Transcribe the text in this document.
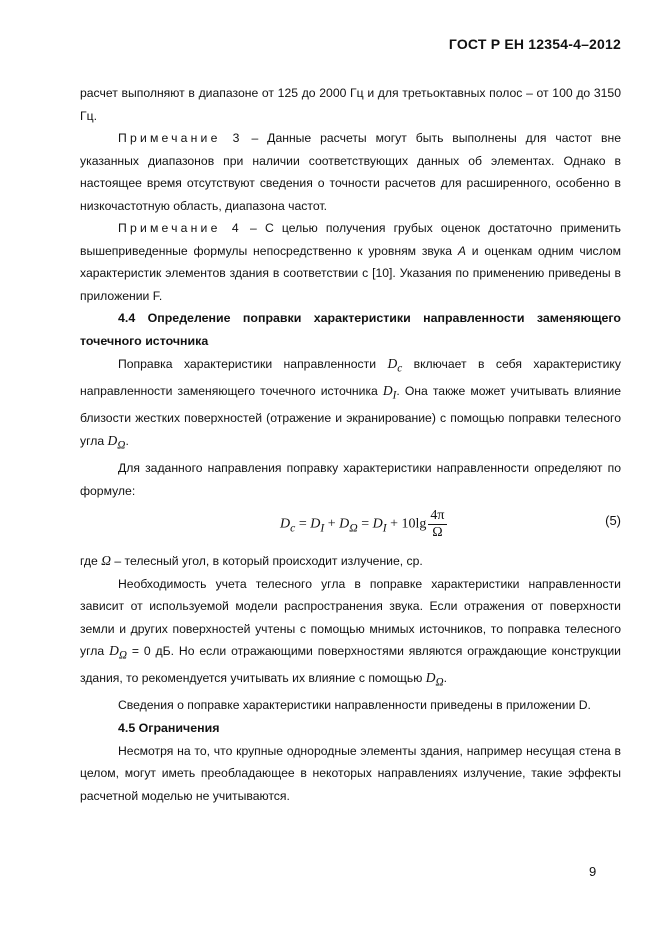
ГОСТ Р ЕН 12354-4–2012

расчет выполняют в диапазоне от 125 до 2000 Гц и для третьоктавных полос – от 100 до 3150 Гц.

Примечание 3 – Данные расчеты могут быть выполнены для частот вне указанных диапазонов при наличии соответствующих данных об элементах. Однако в настоящее время отсутствуют сведения о точности расчетов для расширенного, особенно в низкочастотную область, диапазона частот.

Примечание 4 – С целью получения грубых оценок достаточно применить вышеприведенные формулы непосредственно к уровням звука A и оценкам одним числом характеристик элементов здания в соответствии с [10]. Указания по применению приведены в приложении F.

4.4 Определение поправки характеристики направленности заменяющего точечного источника

Поправка характеристики направленности $D_c$ включает в себя характеристику направленности заменяющего точечного источника $D_I$. Она также может учитывать влияние близости жестких поверхностей (отражение и экранирование) с помощью поправки телесного угла $D_\Omega$.

Для заданного направления поправку характеристики направленности определяют по формуле:

$D_c = D_I + D_\Omega = D_I + 10\lg \frac{4\pi}{\Omega}$	(5)

где Ω – телесный угол, в который происходит излучение, ср.

Необходимость учета телесного угла в поправке характеристики направленности зависит от используемой модели распространения звука. Если отражения от поверхности земли и других поверхностей учтены с помощью мнимых источников, то поправка телесного угла $D_\Omega = 0$ дБ. Но если отражающими поверхностями являются ограждающие конструкции здания, то рекомендуется учитывать их влияние с помощью $D_\Omega$.

Сведения о поправке характеристики направленности приведены в приложении D.

4.5 Ограничения

Несмотря на то, что крупные однородные элементы здания, например несущая стена в целом, могут иметь преобладающее в некоторых направлениях излучение, такие эффекты расчетной моделью не учитываются.

9
